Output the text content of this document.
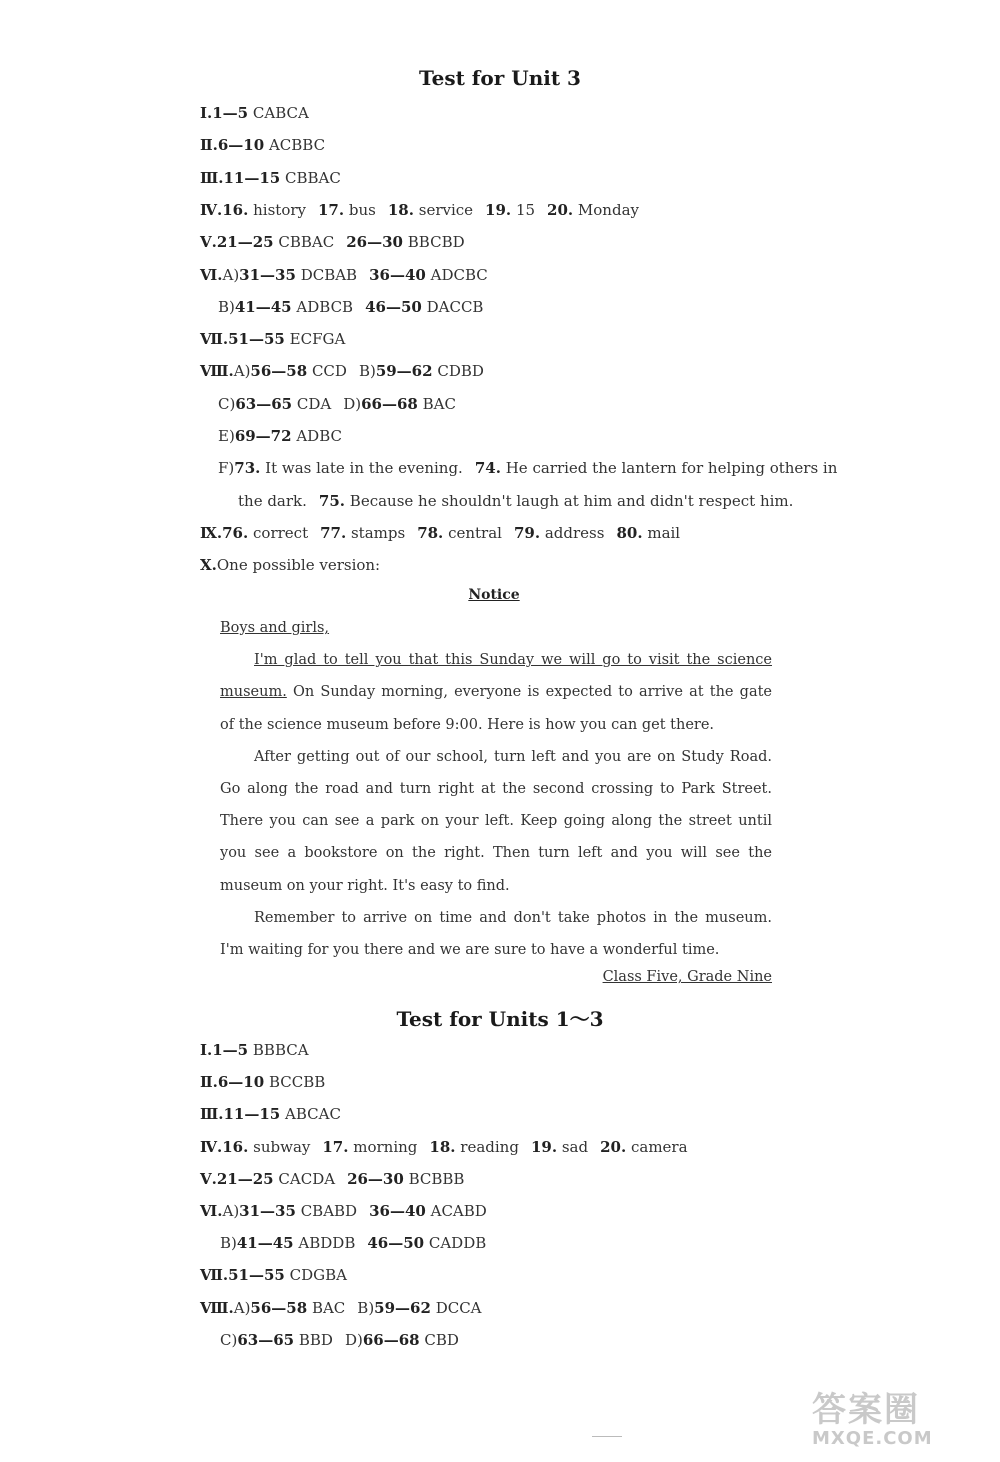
Test for Unit 3
Ⅰ.1—5 CABCA
Ⅱ.6—10 ACBBC
Ⅲ.11—15 CBBAC
Ⅳ.16. history 17. bus 18. service 19. 15 20. Monday
Ⅴ.21—25 CBBAC 26—30 BBCBD
Ⅵ.A)31—35 DCBAB 36—40 ADCBC
B)41—45 ADBCB 46—50 DACCB
Ⅶ.51—55 ECFGA
Ⅷ.A)56—58 CCD B)59—62 CDBD
C)63—65 CDA D)66—68 BAC
E)69—72 ADBC
F)73. It was late in the evening. 74. He carried the lantern for helping others in
the dark. 75. Because he shouldn't laugh at him and didn't respect him.
Ⅸ.76. correct 77. stamps 78. central 79. address 80. mail
Ⅹ.One possible version:
Notice
Boys and girls,
I'm glad to tell you that this Sunday we will go to visit the science museum. On Sunday morning, everyone is expected to arrive at the gate of the science museum before 9:00. Here is how you can get there.
After getting out of our school, turn left and you are on Study Road. Go along the road and turn right at the second crossing to Park Street. There you can see a park on your left. Keep going along the street until you see a bookstore on the right. Then turn left and you will see the museum on your right. It's easy to find.
Remember to arrive on time and don't take photos in the museum. I'm waiting for you there and we are sure to have a wonderful time.
Class Five, Grade Nine
Test for Units 1～3
Ⅰ.1—5 BBBCA
Ⅱ.6—10 BCCBB
Ⅲ.11—15 ABCAC
Ⅳ.16. subway 17. morning 18. reading 19. sad 20. camera
Ⅴ.21—25 CACDA 26—30 BCBBB
Ⅵ.A)31—35 CBABD 36—40 ACABD
B)41—45 ABDDB 46—50 CADDB
Ⅶ.51—55 CDGBA
Ⅷ.A)56—58 BAC B)59—62 DCCA
C)63—65 BBD D)66—68 CBD
答案圈
MXQE.COM
